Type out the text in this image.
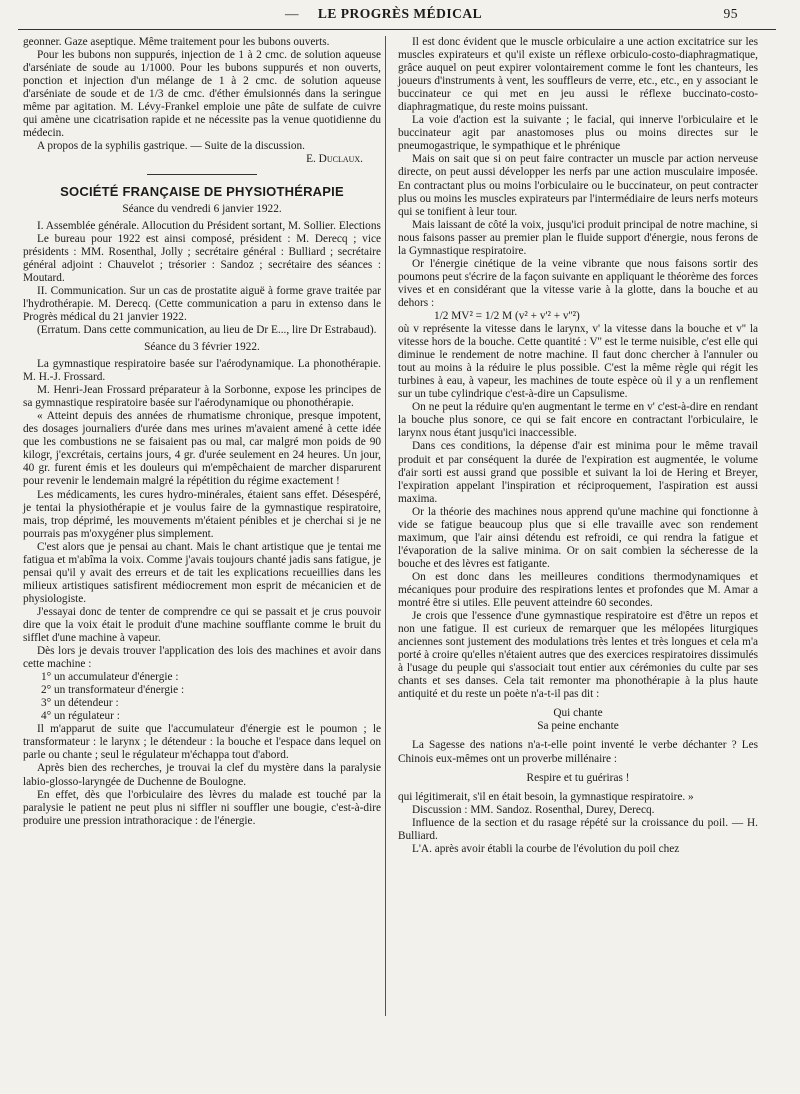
—	LE PROGRÈS MÉDICAL	95

geonner. Gaze aseptique. Même traitement pour les bubons ouverts.

Pour les bubons non suppurés, injection de 1 à 2 cmc. de solution aqueuse d'arséniate de soude au 1/1000. Pour les bubons suppurés et non ouverts, ponction et injection d'un mélange de 1 à 2 cmc. de solution aqueuse d'arséniate de soude et de 1/3 de cmc. d'éther émulsionnés dans la seringue même par agitation. M. Lévy-Frankel emploie une pâte de sulfate de cuivre qui amène une cicatrisation rapide et ne nécessite pas la venue quotidienne du médecin.

A propos de la syphilis gastrique. — Suite de la discussion.

E. Duclaux.

SOCIÉTÉ FRANÇAISE DE PHYSIOTHÉRAPIE

Séance du vendredi 6 janvier 1922.

I. Assemblée générale. Allocution du Président sortant, M. Sollier. Elections

Le bureau pour 1922 est ainsi composé, président : M. Derecq ; vice présidents : MM. Rosenthal, Jolly ; secrétaire général : Bulliard ; secrétaire général adjoint : Chauvelot ; trésorier : Sandoz ; secrétaire des séances : Moutard.

II. Communication. Sur un cas de prostatite aiguë à forme grave traitée par l'hydrothérapie. M. Derecq. (Cette communication a paru in extenso dans le Progrès médical du 21 janvier 1922.

(Erratum. Dans cette communication, au lieu de Dr E..., lire Dr Estrabaud).

Séance du 3 février 1922.

La gymnastique respiratoire basée sur l'aérodynamique. La phonothérapie. M. H.-J. Frossard.

M. Henri-Jean Frossard préparateur à la Sorbonne, expose les principes de sa gymnastique respiratoire basée sur l'aérodynamique ou phonothérapie.

« Atteint depuis des années de rhumatisme chronique, presque impotent, des dosages journaliers d'urée dans mes urines m'avaient amené à cette idée que les combustions ne se faisaient pas ou mal, car malgré mon poids de 90 kilogr, j'excrétais, certains jours, 4 gr. d'urée seulement en 24 heures. Un jour, 40 gr. furent émis et les douleurs qui m'empêchaient de marcher disparurent pour revenir le lendemain malgré la répétition du régime exactement !

Les médicaments, les cures hydro-minérales, étaient sans effet. Désespéré, je tentai la physiothérapie et je voulus faire de la gymnastique respiratoire, mais, trop déprimé, les mouvements m'étaient pénibles et je cherchai si je ne pourrais pas m'oxygéner plus simplement.

C'est alors que je pensai au chant. Mais le chant artistique que je tentai me fatigua et m'abîma la voix. Comme j'avais toujours chanté jadis sans fatigue, je pensai qu'il y avait des erreurs et de tait les explications recueillies dans les milieux artistiques satisfirent médiocrement mon esprit de mécanicien et de physiologiste.

J'essayai donc de tenter de comprendre ce qui se passait et je crus pouvoir dire que la voix était le produit d'une machine soufflante comme le bruit du sifflet d'une machine à vapeur.

Dès lors je devais trouver l'application des lois des machines et avoir dans cette machine :

1° un accumulateur d'énergie :

2° un transformateur d'énergie :

3° un détendeur :

4° un régulateur :

Il m'apparut de suite que l'accumulateur d'énergie est le poumon ; le transformateur : le larynx ; le détendeur : la bouche et l'espace dans lequel on parle ou chante ; seul le régulateur m'échappa tout d'abord.

Après bien des recherches, je trouvai la clef du mystère dans la paralysie labio-glosso-laryngée de Duchenne de Boulogne.

En effet, dès que l'orbiculaire des lèvres du malade est touché par la paralysie le patient ne peut plus ni siffler ni souffler une bougie, c'est-à-dire produire une pression intrathoracique : de l'énergie.

Il est donc évident que le muscle orbiculaire a une action excitatrice sur les muscles expirateurs et qu'il existe un réflexe orbiculo-costo-diaphragmatique, grâce auquel on peut expirer volontairement comme le font les chanteurs, les joueurs d'instruments à vent, les souffleurs de verre, etc., etc., en y associant le buccinateur ce qui met en jeu aussi le réflexe buccinato-costo-diaphragmatique, du reste moins puissant.

La voie d'action est la suivante ; le facial, qui innerve l'orbiculaire et le buccinateur agit par anastomoses plus ou moins directes sur le pneumogastrique, le sympathique et le phrénique

Mais on sait que si on peut faire contracter un muscle par action nerveuse directe, on peut aussi développer les nerfs par une action musculaire imposée. En contractant plus ou moins l'orbiculaire ou le buccinateur, on peut contracter plus ou moins les muscles expirateurs par l'intermédiaire de leurs nerfs moteurs qui se tonifient à leur tour.

Mais laissant de côté la voix, jusqu'ici produit principal de notre machine, si nous faisons passer au premier plan le fluide support d'énergie, nous ferons de la Gymnastique respiratoire.

Or l'énergie cinétique de la veine vibrante que nous faisons sortir des poumons peut s'écrire de la façon suivante en appliquant le théorème des forces vives et en considérant que la vitesse varie à la glotte, dans la bouche et au dehors :

1/2 MV² = 1/2 M (v² + v'² + v''²)

où v représente la vitesse dans le larynx, v' la vitesse dans la bouche et v'' la vitesse hors de la bouche. Cette quantité : V'' est le terme nuisible, c'est elle qui diminue le rendement de notre machine. Il faut donc chercher à l'annuler ou tout au moins à la réduire le plus possible. C'est la même règle qui régit les turbines à eau, à vapeur, les machines de toute espèce où il y a un renflement sur un tube cylindrique c'est-à-dire un Capsulisme.

On ne peut la réduire qu'en augmentant le terme en v' c'est-à-dire en rendant la bouche plus sonore, ce qui se fait encore en contractant l'orbiculaire, le larynx nous étant jusqu'ici inaccessible.

Dans ces conditions, la dépense d'air est minima pour le même travail produit et par conséquent la durée de l'expiration est augmentée, le volume d'air sorti est aussi grand que possible et suivant la loi de Hering et Breyer, l'expiration appelant l'inspiration et réciproquement, l'aspiration est aussi maxima.

Or la théorie des machines nous apprend qu'une machine qui fonctionne à vide se fatigue beaucoup plus que si elle travaille avec son rendement maximum, que l'air ainsi détendu est refroidi, ce qui rendra la fatigue et l'évaporation de la salive minima. Or on sait combien la sécheresse de la bouche et des lèvres est fatigante.

On est donc dans les meilleures conditions thermodynamiques et mécaniques pour produire des respirations lentes et profondes que M. Amar a montré être si utiles. Elle peuvent atteindre 60 secondes.

Je crois que l'essence d'une gymnastique respiratoire est d'être un repos et non une fatigue. Il est curieux de remarquer que les mélopées liturgiques anciennes sont justement des modulations très lentes et très longues et cela m'a porté à croire qu'elles n'étaient autres que des exercices respiratoires dissimulés à l'usage du peuple qui s'associait tout entier aux cérémonies du culte par ses chants et ses danses. Cela tait remonter ma phonothérapie à la plus haute antiquité et du reste un poète n'a-t-il pas dit :

Qui chante

Sa peine enchante

La Sagesse des nations n'a-t-elle point inventé le verbe déchanter ? Les Chinois eux-mêmes ont un proverbe millénaire :

Respire et tu guériras !

qui légitimerait, s'il en était besoin, la gymnastique respiratoire. »

Discussion : MM. Sandoz. Rosenthal, Durey, Derecq.

Influence de la section et du rasage répété sur la croissance du poil. — H. Bulliard.

L'A. après avoir établi la courbe de l'évolution du poil chez
